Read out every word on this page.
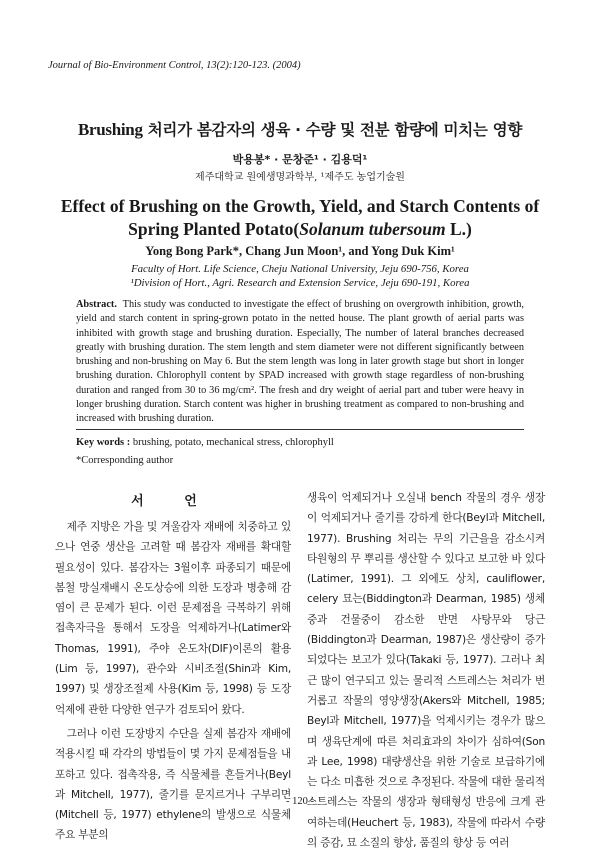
Journal of Bio-Environment Control, 13(2):120-123. (2004)
Brushing 처리가 봄감자의 생육 · 수량 및 전분 함량에 미치는 영향
박용봉* · 문창준¹ · 김용덕¹
제주대학교 원예생명과학부, ¹제주도 농업기술원
Effect of Brushing on the Growth, Yield, and Starch Contents of
Spring Planted Potato(Solanum tubersoum L.)
Yong Bong Park*, Chang Jun Moon¹, and Yong Duk Kim¹
Faculty of Hort. Life Science, Cheju National University, Jeju 690-756, Korea
¹Division of Hort., Agri. Research and Extension Service, Jeju 690-191, Korea
Abstract. This study was conducted to investigate the effect of brushing on overgrowth inhibition, growth, yield and starch content in spring-grown potato in the netted house. The plant growth of aerial parts was inhibited with growth stage and brushing duration. Especially, The number of lateral branches decreased greatly with brushing duration. The stem length and stem diameter were not different significantly between brushing and non-brushing on May 6. But the stem length was long in later growth stage but short in longer brushing duration. Chlorophyll content by SPAD increased with growth stage regardless of non-brushing duration and ranged from 30 to 36 mg/cm². The fresh and dry weight of aerial part and tuber were heavy in longer brushing duration. Starch content was higher in brushing treatment as compared to non-brushing and increased with brushing duration.
Key words : brushing, potato, mechanical stress, chlorophyll
*Corresponding author
서 언

제주 지방은 가을 및 겨울감자 재배에 치중하고 있으나 연중 생산을 고려할 때 봄감자 재배를 확대할 필요성이 있다. 봄감자는 3월이후 파종되기 때문에 봄철 망실재배시 온도상승에 의한 도장과 병충해 감염이 큰 문제가 된다. 이런 문제점을 극복하기 위해 접촉자극을 통해서 도장을 억제하거나(Latimer와 Thomas, 1991), 주야 온도차(DIF)이론의 활용(Lim 등, 1997), 관수와 시비조절(Shin과 Kim, 1997) 및 생장조절제 사용(Kim 등, 1998) 등 도장 억제에 관한 다양한 연구가 검토되어 왔다.

그러나 이런 도장방지 수단을 실제 봄감자 재배에 적용시킬 때 각각의 방법들이 몇 가지 문제점들을 내포하고 있다. 접촉작용, 즉 식물체를 흔들거나(Beyl과 Mitchell, 1977), 줄기를 문지르거나 구부리면(Mitchell 등, 1977) ethylene의 발생으로 식물체 주요 부분의

생육이 억제되거나 오실내 bench 작물의 경우 생장이 억제되거나 줄기를 강하게 한다(Beyl과 Mitchell, 1977). Brushing 처리는 무의 기근을을 감소시켜 타원형의 무 뿌리를 생산할 수 있다고 보고한 바 있다(Latimer, 1991). 그 외에도 상치, cauliflower, celery 묘는(Biddington과 Dearman, 1985) 생체중과 건물중이 감소한 반면 사탕무와 당근(Biddington과 Dearman, 1987)은 생산량이 증가되었다는 보고가 있다(Takaki 등, 1977). 그러나 최근 많이 연구되고 있는 물리적 스트레스는 처리가 번거롭고 작물의 영양생장(Akers와 Mitchell, 1985; Beyl과 Mitchell, 1977)을 억제시키는 경우가 많으며 생육단계에 따른 처리효과의 차이가 심하여(Son과 Lee, 1998) 대량생산을 위한 기술로 보급하기에는 다소 미흡한 것으로 추정된다. 작물에 대한 물리적 스트레스는 작물의 생장과 형태형성 반응에 크게 관여하는데(Heuchert 등, 1983), 작물에 따라서 수량의 증감, 묘 소질의 향상, 품질의 향상 등 여러

- 120 -
